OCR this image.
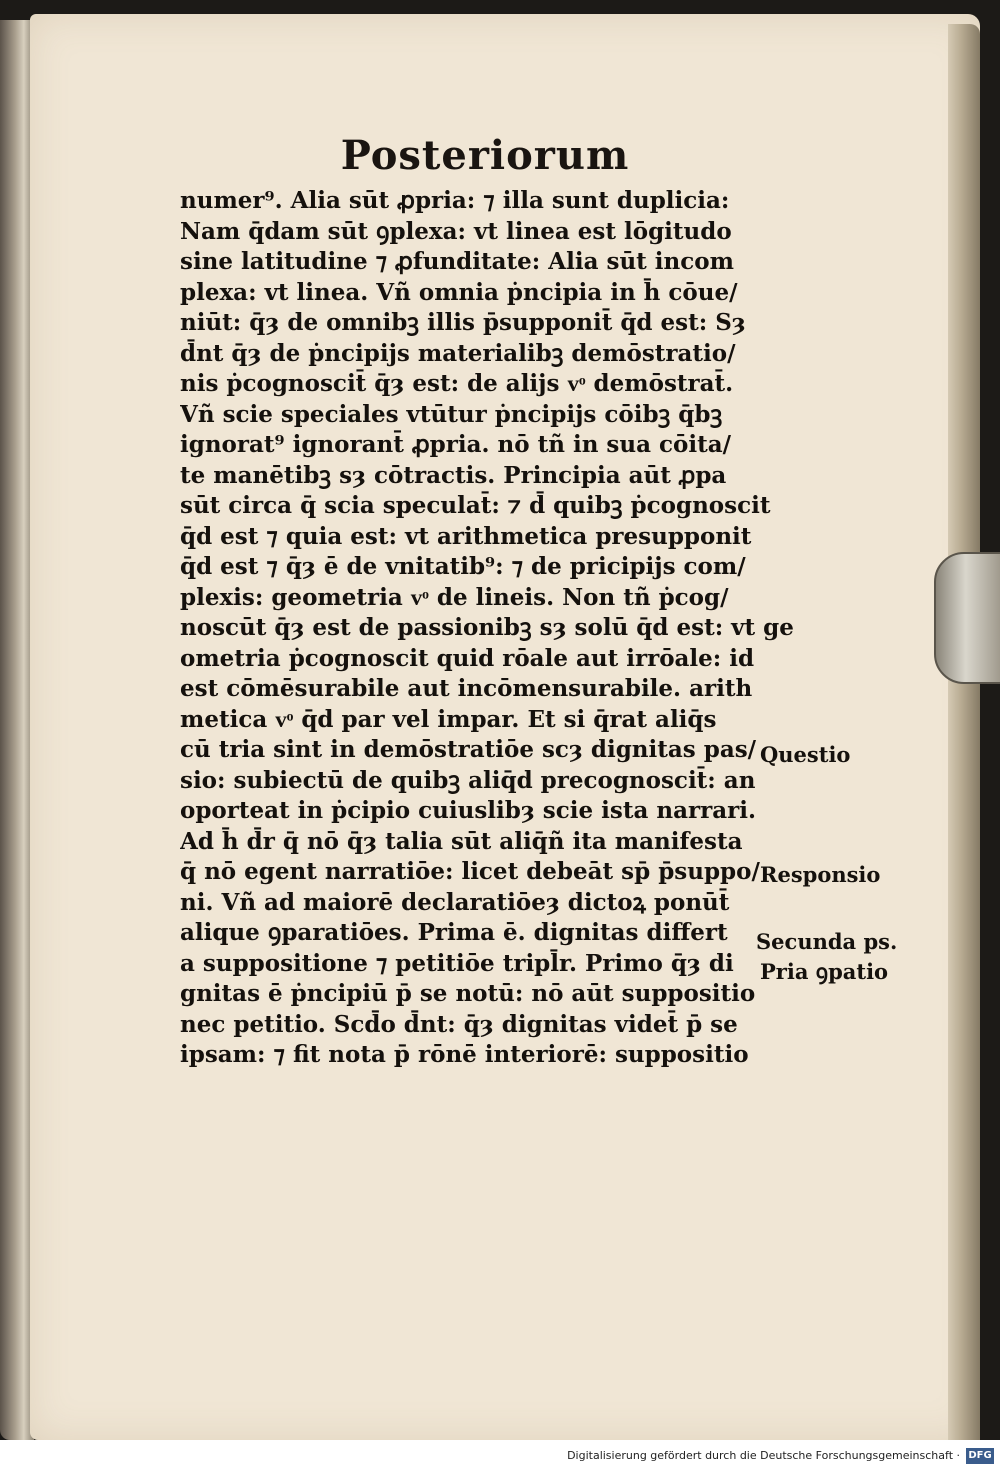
Posteriorum
numer⁹. Alia sūt ꝓpria: ⁊ illa sunt duplicia:
Nam q̄dam sūt ꝯplexa: vt linea est lōgitudo
sine latitudine ⁊ ꝓfunditate: Alia sūt incom
plexa: vt linea. Vñ omnia ṗncipia in h̄ cōue/
niūt: q̄ȝ de omnibꝫ illis p̄supponit̄ q̄d est: Sȝ
d̄nt q̄ȝ de ṗncipijs materialibꝫ demōstratio/
nis ṗcognoscit̄ q̄ȝ est: de alijs vͦ demōstrat̄.
Vñ scie speciales vtūtur ṗncipijs cōibꝫ q̄bꝫ
ignorat⁹ ignorant̄ ꝓpria. nō tñ in sua cōita/
te manētibꝫ sȝ cōtractis. Principia aūt ꝓpa
sūt circa q̄ scia speculat̄: ⁊ d̄ quibꝫ ṗcognoscit
q̄d est ⁊ quia est: vt arithmetica presupponit
q̄d est ⁊ q̄ȝ ē de vnitatib⁹: ⁊ de pricipijs com/
plexis: geometria vͦ de lineis. Non tñ ṗcog/
noscūt q̄ȝ est de passionibꝫ sȝ solū q̄d est: vt ge
ometria ṗcognoscit quid rōale aut irrōale: id
est cōmēsurabile aut incōmensurabile. arith
metica vͦ q̄d par vel impar. Et si q̄rat aliq̄s
cū tria sint in demōstratiōe scȝ dignitas pas/
sio: subiectū de quibꝫ aliq̄d precognoscit̄: an
oporteat in ṗcipio cuiuslibȝ scie ista narrari.
Ad h̄ d̄r q̄ nō q̄ȝ talia sūt aliq̄ñ ita manifesta
q̄ nō egent narratiōe: licet debeāt sp̄ p̄suppo/
ni. Vñ ad maiorē declaratiōeȝ dictoꝝ ponūt̄
alique ꝯparatiōes. Prima ē. dignitas differt
a suppositione ⁊ petitiōe tripl̄r. Primo q̄ȝ di
gnitas ē ṗncipiū p̄ se notū: nō aūt suppositio
nec petitio. Scd̄o d̄nt: q̄ȝ dignitas videt̄ p̄ se
ipsam: ⁊ fit nota p̄ rōnē interiorē: suppositio
Questio
Responsio
Secunda ps.
Pria ꝯpatio
Digitalisierung gefördert durch die Deutsche Forschungsgemeinschaft · DFG
